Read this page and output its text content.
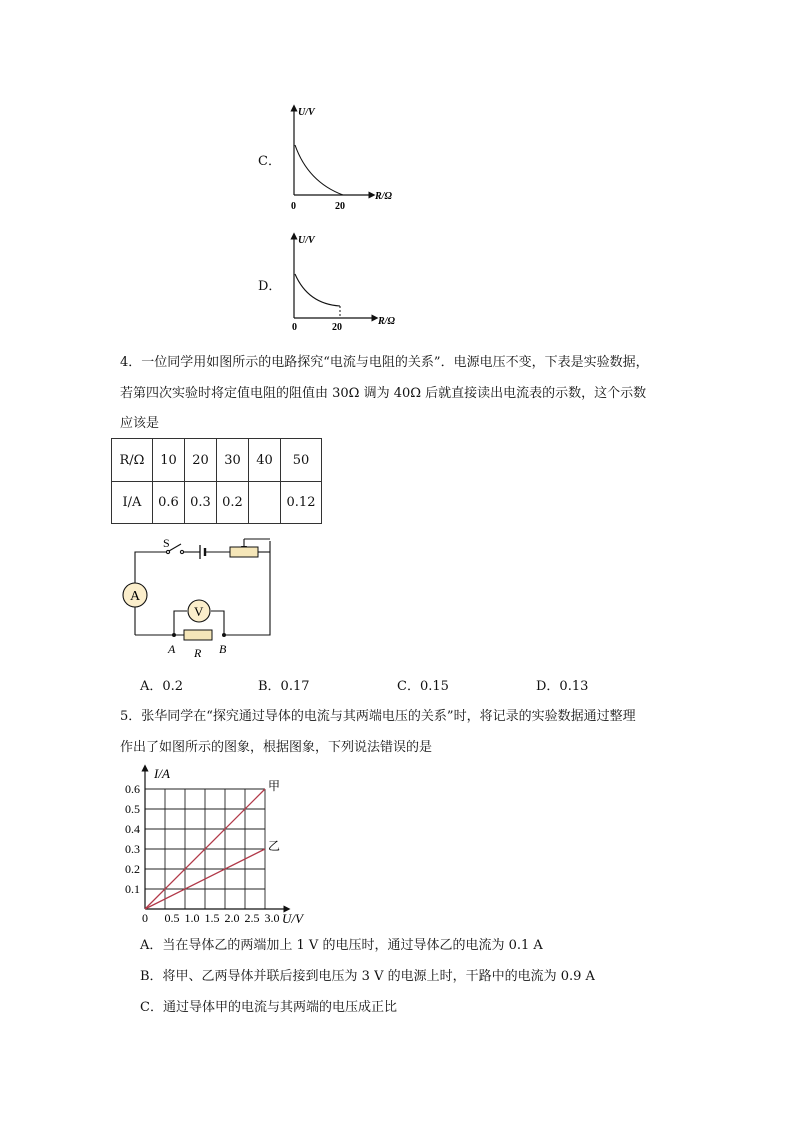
C．
U/V
R/Ω
0	20
D．
U/V
R/Ω
0	20
4．一位同学用如图所示的电路探究“电流与电阻的关系”．电源电压不变，下表是实验数据，
若第四次实验时将定值电阻的阻值由 30Ω 调为 40Ω 后就直接读出电流表的示数，这个示数
应该是
R/Ω	10	20	30	40	50
I/A	0.6	0.3	0.2		0.12
A
V
S
A	B
R
A．0.2	B．0.17	C．0.15	D．0.13
5．张华同学在“探究通过导体的电流与其两端电压的关系”时，将记录的实验数据通过整理
作出了如图所示的图象，根据图象，下列说法错误的是
0 0.5 1.0 1.5 2.0 2.5 3.0
0.1
0.2
0.3
0.4
0.5
0.6
I/A
U/V
甲
乙
A．当在导体乙的两端加上 1 V 的电压时，通过导体乙的电流为 0.1 A
B．将甲、乙两导体并联后接到电压为 3 V 的电源上时，干路中的电流为 0.9 A
C．通过导体甲的电流与其两端的电压成正比
